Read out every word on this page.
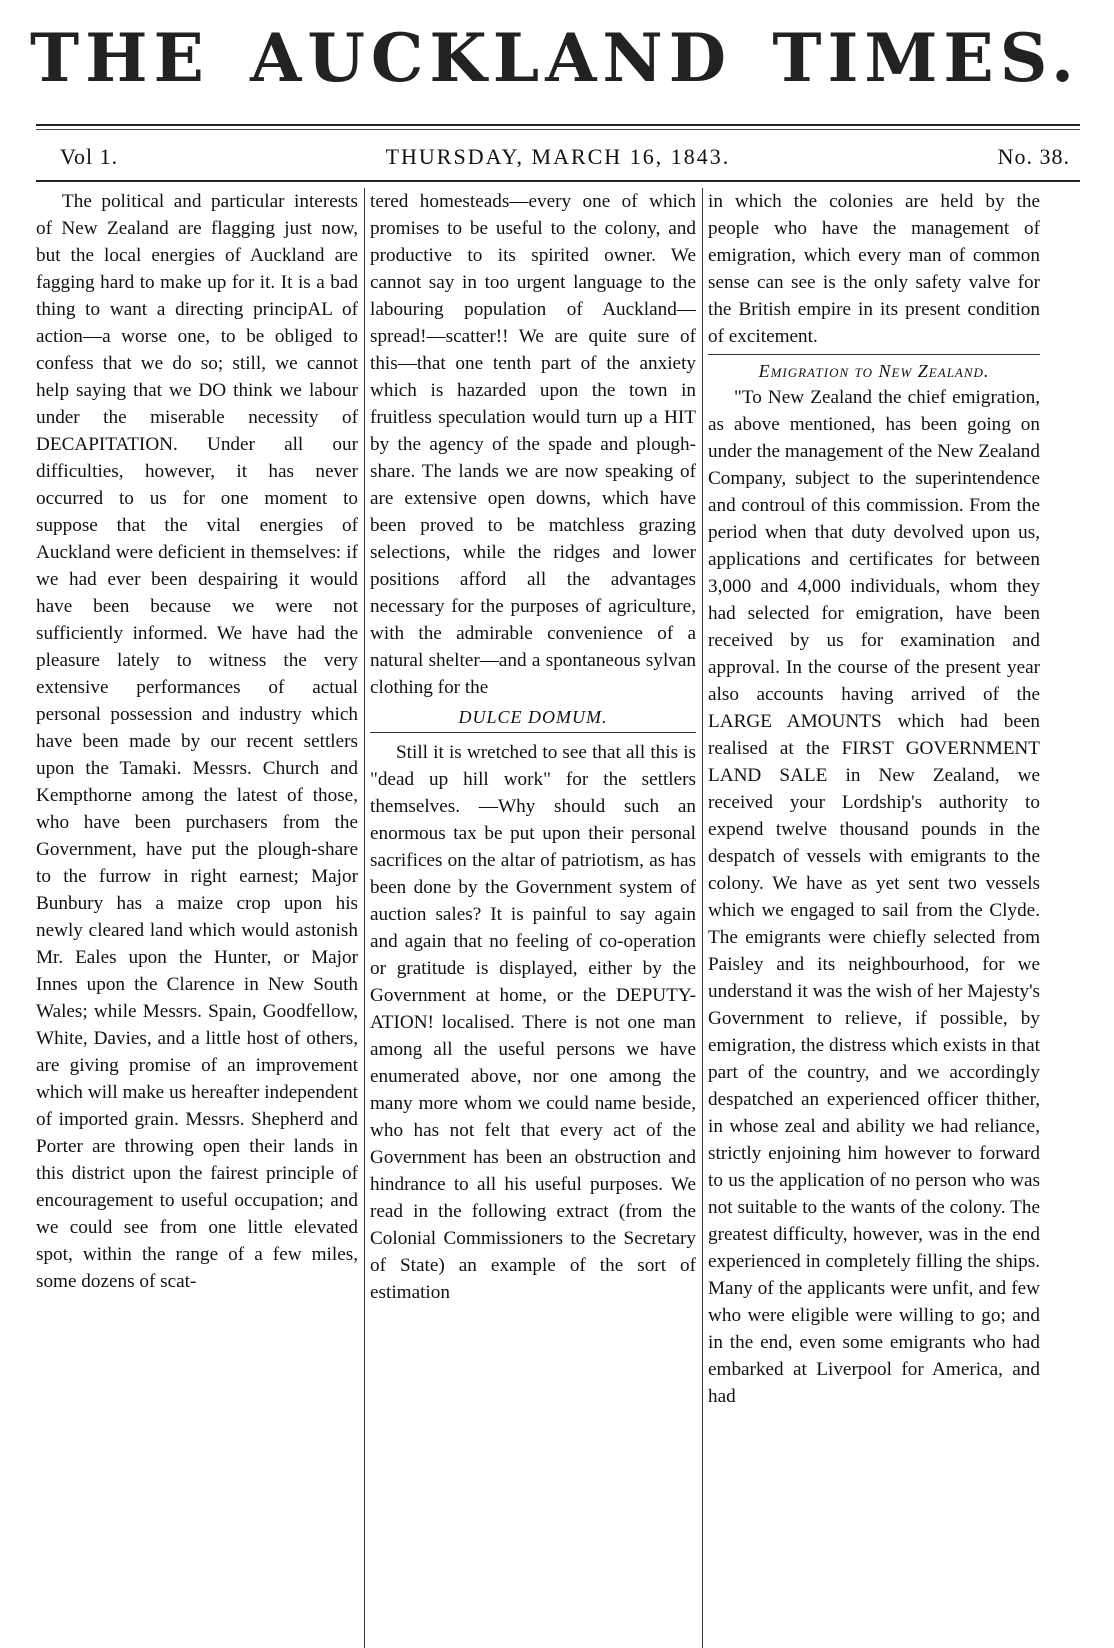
THE AUCKLAND TIMES.
Vol 1.	THURSDAY, MARCH 16, 1843.	No. 38.

The political and particular interests of New Zealand are flagging just now, but the local energies of Auckland are fagging hard to make up for it. It is a bad thing to want a directing principAL of action—a worse one, to be obliged to confess that we do so; still, we cannot help saying that we DO think we labour under the miserable necessity of DECAPITATION. Under all our difficulties, however, it has never occurred to us for one moment to suppose that the vital energies of Auckland were deficient in themselves: if we had ever been despairing it would have been because we were not sufficiently informed. We have had the pleasure lately to witness the very extensive performances of actual personal possession and industry which have been made by our recent settlers upon the Tamaki. Messrs. Church and Kempthorne among the latest of those, who have been purchasers from the Government, have put the plough-share to the furrow in right earnest; Major Bunbury has a maize crop upon his newly cleared land which would astonish Mr. Eales upon the Hunter, or Major Innes upon the Clarence in New South Wales; while Messrs. Spain, Goodfellow, White, Davies, and a little host of others, are giving promise of an improvement which will make us hereafter independent of imported grain. Messrs. Shepherd and Porter are throwing open their lands in this district upon the fairest principle of encouragement to useful occupation; and we could see from one little elevated spot, within the range of a few miles, some dozens of scat-

tered homesteads—every one of which promises to be useful to the colony, and productive to its spirited owner. We cannot say in too urgent language to the labouring population of Auckland—spread!—scatter!! We are quite sure of this—that one tenth part of the anxiety which is hazarded upon the town in fruitless speculation would turn up a HIT by the agency of the spade and plough-share. The lands we are now speaking of are extensive open downs, which have been proved to be matchless grazing selections, while the ridges and lower positions afford all the advantages necessary for the purposes of agriculture, with the admirable convenience of a natural shelter—and a spontaneous sylvan clothing for the

DULCE DOMUM.

Still it is wretched to see that all this is "dead up hill work" for the settlers themselves. —Why should such an enormous tax be put upon their personal sacrifices on the altar of patriotism, as has been done by the Government system of auction sales? It is painful to say again and again that no feeling of co-operation or gratitude is displayed, either by the Government at home, or the DEPUTY-ATION! localised. There is not one man among all the useful persons we have enumerated above, nor one among the many more whom we could name beside, who has not felt that every act of the Government has been an obstruction and hindrance to all his useful purposes. We read in the following extract (from the Colonial Commissioners to the Secretary of State) an example of the sort of estimation

in which the colonies are held by the people who have the management of emigration, which every man of common sense can see is the only safety valve for the British empire in its present condition of excitement.

Emigration to New Zealand.

"To New Zealand the chief emigration, as above mentioned, has been going on under the management of the New Zealand Company, subject to the superintendence and controul of this commission. From the period when that duty devolved upon us, applications and certificates for between 3,000 and 4,000 individuals, whom they had selected for emigration, have been received by us for examination and approval. In the course of the present year also accounts having arrived of the LARGE AMOUNTS which had been realised at the FIRST GOVERNMENT LAND SALE in New Zealand, we received your Lordship's authority to expend twelve thousand pounds in the despatch of vessels with emigrants to the colony. We have as yet sent two vessels which we engaged to sail from the Clyde. The emigrants were chiefly selected from Paisley and its neighbourhood, for we understand it was the wish of her Majesty's Government to relieve, if possible, by emigration, the distress which exists in that part of the country, and we accordingly despatched an experienced officer thither, in whose zeal and ability we had reliance, strictly enjoining him however to forward to us the application of no person who was not suitable to the wants of the colony. The greatest difficulty, however, was in the end experienced in completely filling the ships. Many of the applicants were unfit, and few who were eligible were willing to go; and in the end, even some emigrants who had embarked at Liverpool for America, and had
